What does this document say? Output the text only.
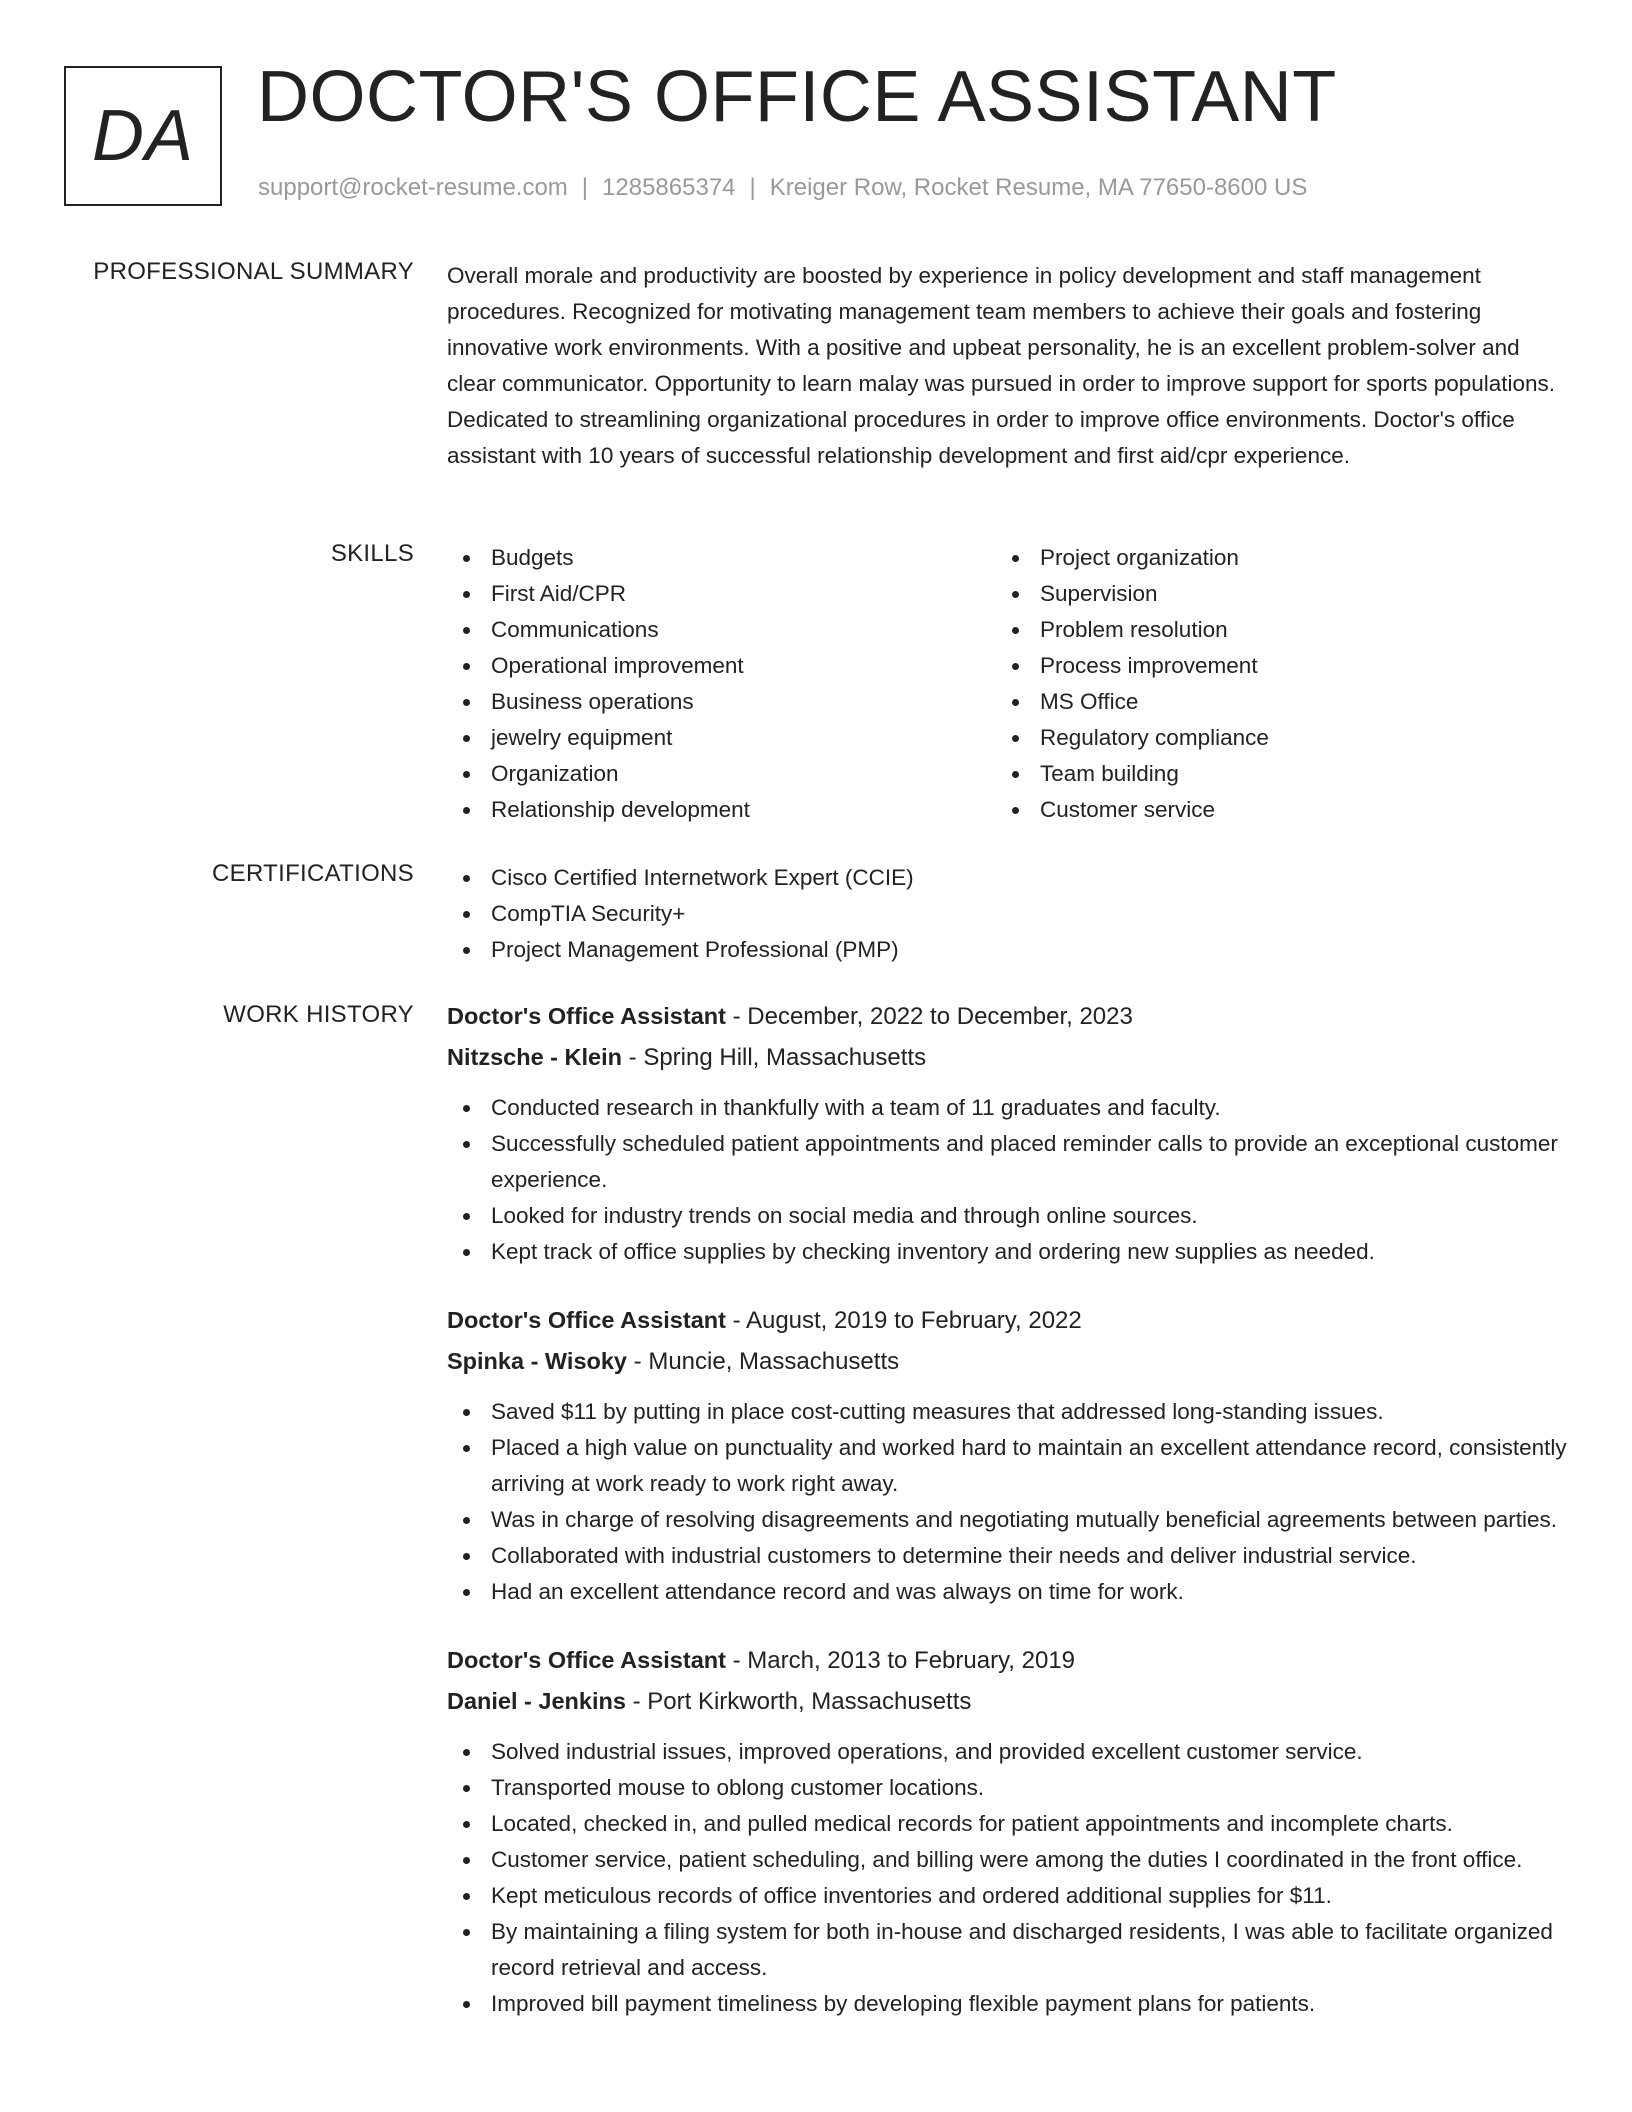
DA DOCTOR'S OFFICE ASSISTANT
support@rocket-resume.com | 1285865374 | Kreiger Row, Rocket Resume, MA 77650-8600 US
PROFESSIONAL SUMMARY Overall morale and productivity are boosted by experience in policy development and staff management procedures. Recognized for motivating management team members to achieve their goals and fostering innovative work environments. With a positive and upbeat personality, he is an excellent problem-solver and clear communicator. Opportunity to learn malay was pursued in order to improve support for sports populations. Dedicated to streamlining organizational procedures in order to improve office environments. Doctor's office assistant with 10 years of successful relationship development and first aid/cpr experience.

SKILLS	Budgets
First Aid/CPR
Communications
Operational improvement
Business operations
jewelry equipment
Organization
Relationship development
Project organization
Supervision
Problem resolution
Process improvement
MS Office
Regulatory compliance
Team building
Customer service
CERTIFICATIONS	Cisco Certified Internetwork Expert (CCIE)
CompTIA Security+
Project Management Professional (PMP)
WORK HISTORY Doctor's Office Assistant - December, 2022 to December, 2023
Nitzsche - Klein - Spring Hill, Massachusetts
Conducted research in thankfully with a team of 11 graduates and faculty.
Successfully scheduled patient appointments and placed reminder calls to provide an exceptional customer experience.
Looked for industry trends on social media and through online sources.
Kept track of office supplies by checking inventory and ordering new supplies as needed.
Doctor's Office Assistant - August, 2019 to February, 2022
Spinka - Wisoky - Muncie, Massachusetts
Saved $11 by putting in place cost-cutting measures that addressed long-standing issues.
Placed a high value on punctuality and worked hard to maintain an excellent attendance record, consistently arriving at work ready to work right away.
Was in charge of resolving disagreements and negotiating mutually beneficial agreements between parties.
Collaborated with industrial customers to determine their needs and deliver industrial service.
Had an excellent attendance record and was always on time for work.
Doctor's Office Assistant - March, 2013 to February, 2019
Daniel - Jenkins - Port Kirkworth, Massachusetts
Solved industrial issues, improved operations, and provided excellent customer service.
Transported mouse to oblong customer locations.
Located, checked in, and pulled medical records for patient appointments and incomplete charts.
Customer service, patient scheduling, and billing were among the duties I coordinated in the front office.
Kept meticulous records of office inventories and ordered additional supplies for $11.
By maintaining a filing system for both in-house and discharged residents, I was able to facilitate organized record retrieval and access.
Improved bill payment timeliness by developing flexible payment plans for patients.
